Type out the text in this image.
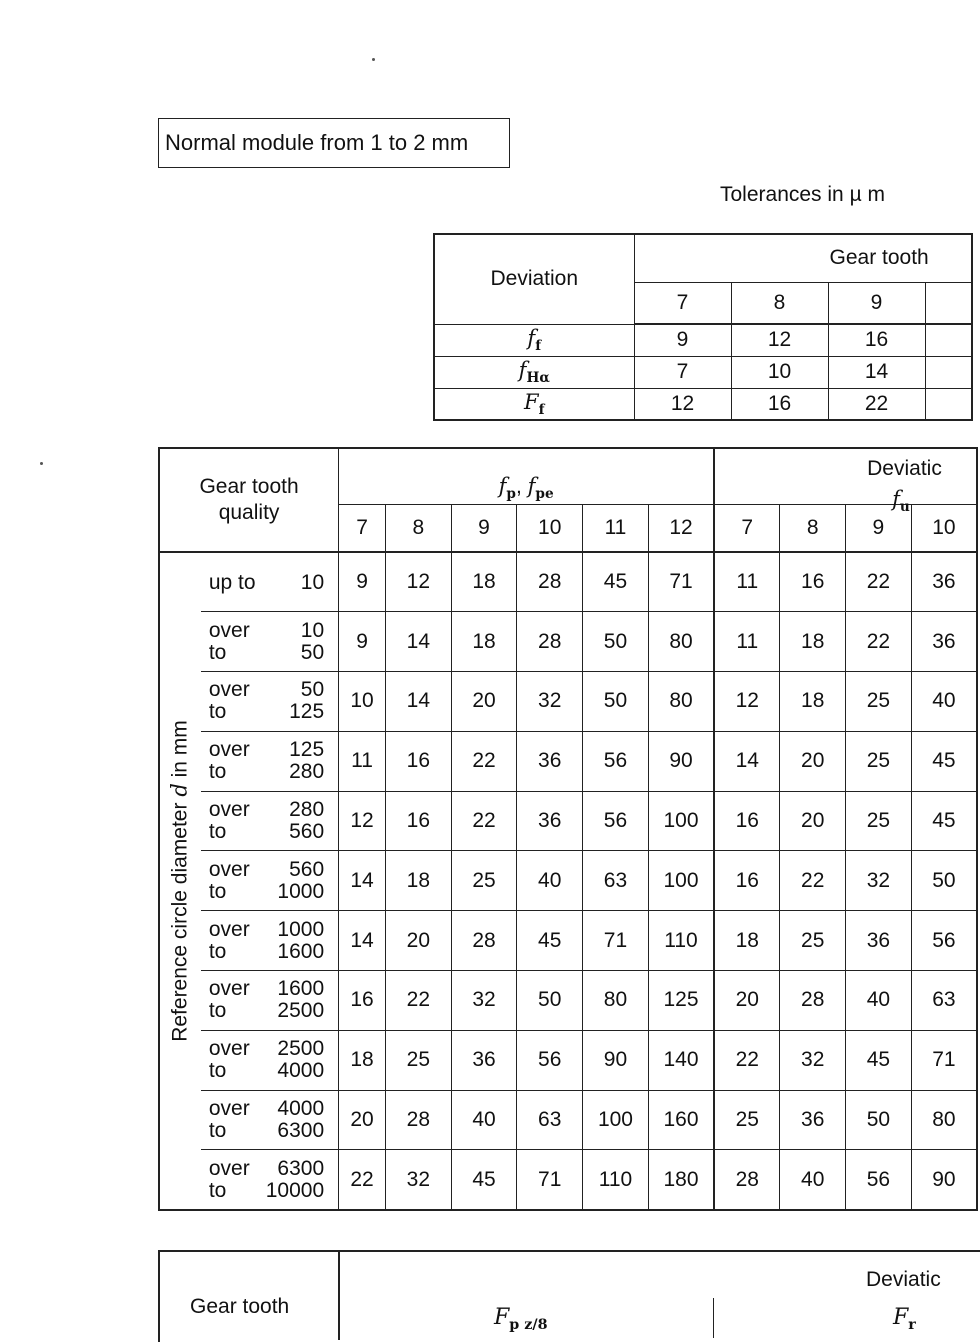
Normal module from 1 to 2 mm
Tolerances in µ m
Deviation	Gear tooth			
	7	8	9	
$f_f$	9	12	16	
$f_{H\alpha}$	7	10	14	
$F_f$	12	16	22	
Gear tooth quality		$f_p$, $f_{pe}$						Deviatic
$f_u$

		7	8	9	10	11	12	7	8	9	10

Reference circle diameter d in mm	up to 10	9	12	18	28	45	71	11	16	22	36

	over 10
to 50	9	14	18	28	50	80	11	18	22	36

	over 50
to 125	10	14	20	32	50	80	12	18	25	40

	over 125
to 280	11	16	22	36	56	90	14	20	25	45

	over 280
to 560	12	16	22	36	56	100	16	20	25	45

	over 560
to 1000	14	18	25	40	63	100	16	22	32	50

	over 1000
to 1600	14	20	28	45	71	110	18	25	36	56

	over 1600
to 2500	16	22	32	50	80	125	20	28	40	63

	over 2500
to 4000	18	25	36	56	90	140	22	32	45	71

	over 4000
to 6300	20	28	40	63	100	160	25	36	50	80

	over 6300
to 10000	22	32	45	71	110	180	28	40	56	90
Gear tooth
Deviatic
$F_{p z/8}$	$F_r$
